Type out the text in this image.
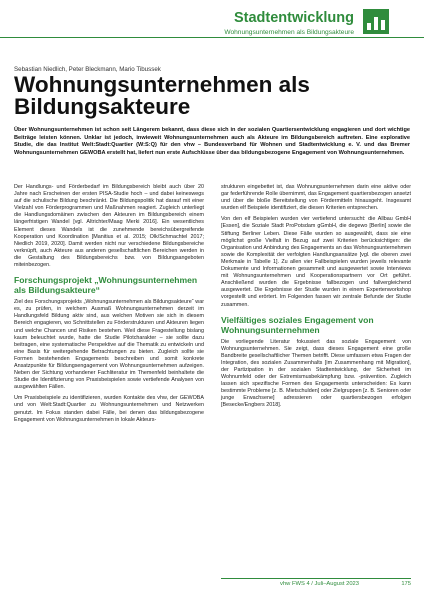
Stadtentwicklung
Wohnungsunternehmen als Bildungsakteure
Sebastian Niedlich, Peter Bleckmann, Mario Tibussek
Wohnungsunternehmen als
Bildungsakteure
Über Wohnungsunternehmen ist schon seit Längerem bekannt, dass diese sich in der sozialen Quartiersentwicklung engagieren und dort wichtige Beiträge leisten können. Unklar ist jedoch, inwieweit Wohnungsunternehmen auch als Akteure im Bildungsbereich auftreten. Eine explorative Studie, die das Institut Welt:Stadt:Quartier (W:S:Q) für den vhw – Bundesverband für Wohnen und Stadtentwicklung e. V. und das Bremer Wohnungsunternehmen GEWOBA erstellt hat, liefert nun erste Aufschlüsse über das bildungsbezogene Engagement von Wohnungsunternehmen.

Der Handlungs- und Förderbedarf im Bildungsbereich bleibt auch über 20 Jahre nach Erscheinen der ersten PISA-Studie hoch – und dabei keineswegs auf die schulische Bildung beschränkt. Die Bildungspolitik hat darauf mit einer Vielzahl von Förderprogrammen und Maßnahmen reagiert. Zugleich unterliegt die Handlungsdomäinen zwischen den Akteuren im Bildungsbereich einem längerfristigen Wandel [vgl. Altrichter/Maag Merki 2016]. Ein wesentliches Element dieses Wandels ist die zunehmende bereichsübergreifende Kooperation und Koordination [Manitius et al. 2015; Olk/Schmachtel 2017; Niedlich 2019, 2020]. Damit werden nicht nur verschiedene Bildungsbereiche verknüpft, auch Akteure aus anderen gesellschaftlichen Bereichen werden in die Gestaltung des Bildungsbereichs bzw. von Bildungsangeboten miteinbezogen.

Forschungsprojekt „Wohnungsunternehmen als Bildungsakteure“

Ziel des Forschungsprojekts „Wohnungsunternehmen als Bildungsakteure“ war es, zu prüfen, in welchem Ausmaß Wohnungsunternehmen derzeit im Handlungsfeld Bildung aktiv sind, aus welchen Motiven sie sich in diesem Bereich engagieren, wo Schnittstellen zu Förderstrukturen und Akteuren liegen und welche Chancen und Risiken bestehen. Weil diese Fragestellung bislang kaum beleuchtet wurde, hatte die Studie Pilotcharakter – sie sollte dazu beitragen, eine systematische Perspektive auf die Thematik zu entwickeln und eine Basis für weitergehende Betrachtungen zu bieten. Zugleich sollte sie Formen bestehenden Engagements beschreiben und somit konkrete Ansatzpunkte für Bildungsengagement von Wohnungsunternehmen aufzeigen. Neben der Sichtung vorhandener Fachliteratur im Themenfeld beinhaltete die Studie die Identifizierung von Praxisbeispielen sowie vertiefende Analysen von ausgewählten Fällen.

Um Praxisbeispiele zu identifizieren, wurden Kontakte des vhw, der GEWOBA und von Welt:Stadt:Quartier zu Wohnungsunternehmen und Netzwerken genutzt. Im Fokus standen dabei Fälle, bei denen das bildungsbezogene Engagement von Wohnungsunternehmen in lokale Akteurs-

strukturen eingebettet ist, das Wohnungsunternehmen darin eine aktive oder gar federführende Rolle übernimmt, das Engagement quartiersbezogen ansetzt und über die bloße Bereitstellung von Fördermitteln hinausgeht. Insgesamt wurden elf Beispiele identifiziert, die diesen Kriterien entsprechen.

Von den elf Beispielen wurden vier vertiefend untersucht: die Allbau GmbH [Essen], die Soziale Stadt ProPotsdam gGmbH, die degewo [Berlin] sowie die Stiftung Berliner Leben. Diese Fälle wurden so ausgewählt, dass sie eine möglichst große Vielfalt in Bezug auf zwei Kriterien berücksichtigen: die Organisation und Anbindung des Engagements an das Wohnungsunternehmen sowie die Komplexität der verfolgten Handlungsansätze [vgl. die oberen zwei Merkmale in Tabelle 1]. Zu allen vier Fallbeispielen wurden jeweils relevante Dokumente und Informationen gesammelt und ausgewertet sowie Interviews mit Wohnungsunternehmen und Kooperationspartnern vor Ort geführt. Anschließend wurden die Ergebnisse fallbezogen und fallvergleichend ausgewertet. Die Ergebnisse der Studie wurden in einem Expertenworkshop vorgestellt und erörtert. Im Folgenden fassen wir zentrale Befunde der Studie zusammen.

Vielfältiges soziales Engagement von Wohnungsunternehmen

Die vorliegende Literatur fokussiert das soziale Engagement von Wohnungsunternehmen. Sie zeigt, dass dieses Engagement eine große Bandbreite gesellschaftlicher Themen betrifft. Diese umfassen etwa Fragen der Integration, des sozialen Zusammenhalts [im Zusammenhang mit Migration], der Partizipation in der sozialen Stadtentwicklung, der Sicherheit im Wohnumfeld oder der Extremismusbekämpfung bzw. -prävention. Zugleich lassen sich spezifische Formen des Engagements unterscheiden: Es kann bestimmte Probleme [z. B. Mietschulden] oder Zielgruppen [z. B. Senioren oder junge Erwachsene] adressieren oder quartiersbezogen erfolgen [Besecke/Engbers 2018].

vhw FWS 4 / Juli–August 2023	175
